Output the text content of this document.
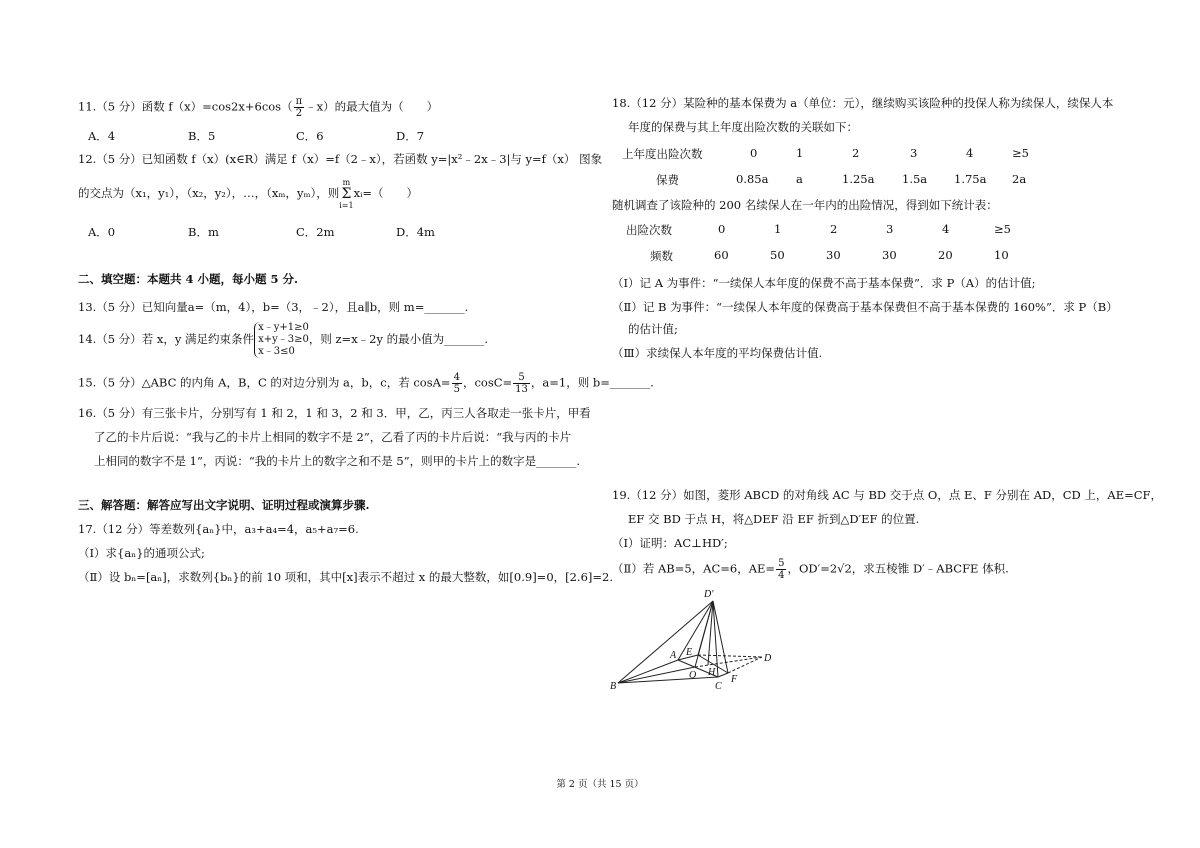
11.（5 分）函数 $f(x)=\cos 2x+6\cos( \frac{\pi}{2}$ ﹣x）的最大值为（　　）
A．4	B．5	C．6	D．7
12.（5 分）已知函数 f（x）(x∈R）满足 f（x）=f（2﹣x），若函数 y=|x²﹣2x﹣3|与 y=f（x） 图象
的交点为（x₁，y₁），（x₂，y₂），…，（xₘ，yₘ），则m
Σ
i=1xᵢ=（　　）
A．0	B．m	C．2m	D．4m
二、填空题：本题共 4 小题，每小题 5 分.
13.（5 分）已知向量a=（m，4），b=（3，﹣2），且a∥b，则 m=_______.
14.（5 分）若 x，y 满足约束条件
x﹣y+1≥0
x+y﹣3≥0
x﹣3≤0
，则 z=x﹣2y 的最小值为_______.
15.（5 分）△ABC 的内角 A，B，C 的对边分别为 a，b，c，若 $\cos A= \frac{4}{5}$ ，$\cos C= \frac{5}{13}$ ，a=1，则 b=_______.
16.（5 分）有三张卡片，分别写有 1 和 2，1 和 3，2 和 3．甲，乙，丙三人各取走一张卡片，甲看
了乙的卡片后说：“我与乙的卡片上相同的数字不是 2”，乙看了丙的卡片后说：“我与丙的卡片
上相同的数字不是 1”，丙说：“我的卡片上的数字之和不是 5”，则甲的卡片上的数字是_______.
三、解答题：解答应写出文字说明、证明过程或演算步骤.
17.（12 分）等差数列{aₙ}中，a₃+a₄=4，a₅+a₇=6.
（Ⅰ）求{aₙ}的通项公式;
（Ⅱ）设 bₙ=[aₙ]，求数列{bₙ}的前 10 项和，其中[x]表示不超过 x 的最大整数，如[0.9]=0，[2.6]=2.
18.（12 分）某险种的基本保费为 a（单位：元），继续购买该险种的投保人称为续保人，续保人本
年度的保费与其上年度出险次数的关联如下：
上年度出险次数	0	1	2	3	4	≥5
保费	0.85a a	1.25a 1.5a 1.75a 2a
随机调查了该险种的 200 名续保人在一年内的出险情况，得到如下统计表：
出险次数	0	1	2	3	4	≥5
频数	60	50	30	30	20	10
（Ⅰ）记 A 为事件：“一续保人本年度的保费不高于基本保费”．求 P（A）的估计值;
（Ⅱ）记 B 为事件：“一续保人本年度的保费高于基本保费但不高于基本保费的 160%”．求 P（B）
的估计值;
（Ⅲ）求续保人本年度的平均保费估计值.
19.（12 分）如图，菱形 ABCD 的对角线 AC 与 BD 交于点 O，点 E、F 分别在 AD，CD 上，AE=CF，
EF 交 BD 于点 H，将△DEF 沿 EF 折到△D′EF 的位置.
（Ⅰ）证明：AC⊥HD′;
（Ⅱ）若 AB=5，AC=6，$AE= \frac{5}{4}$ ，OD′=2√2，求五棱锥 D′﹣ABCFE 体积.
D′
A E
H
O
B	C
F
D
第 2 页（共 15 页）
